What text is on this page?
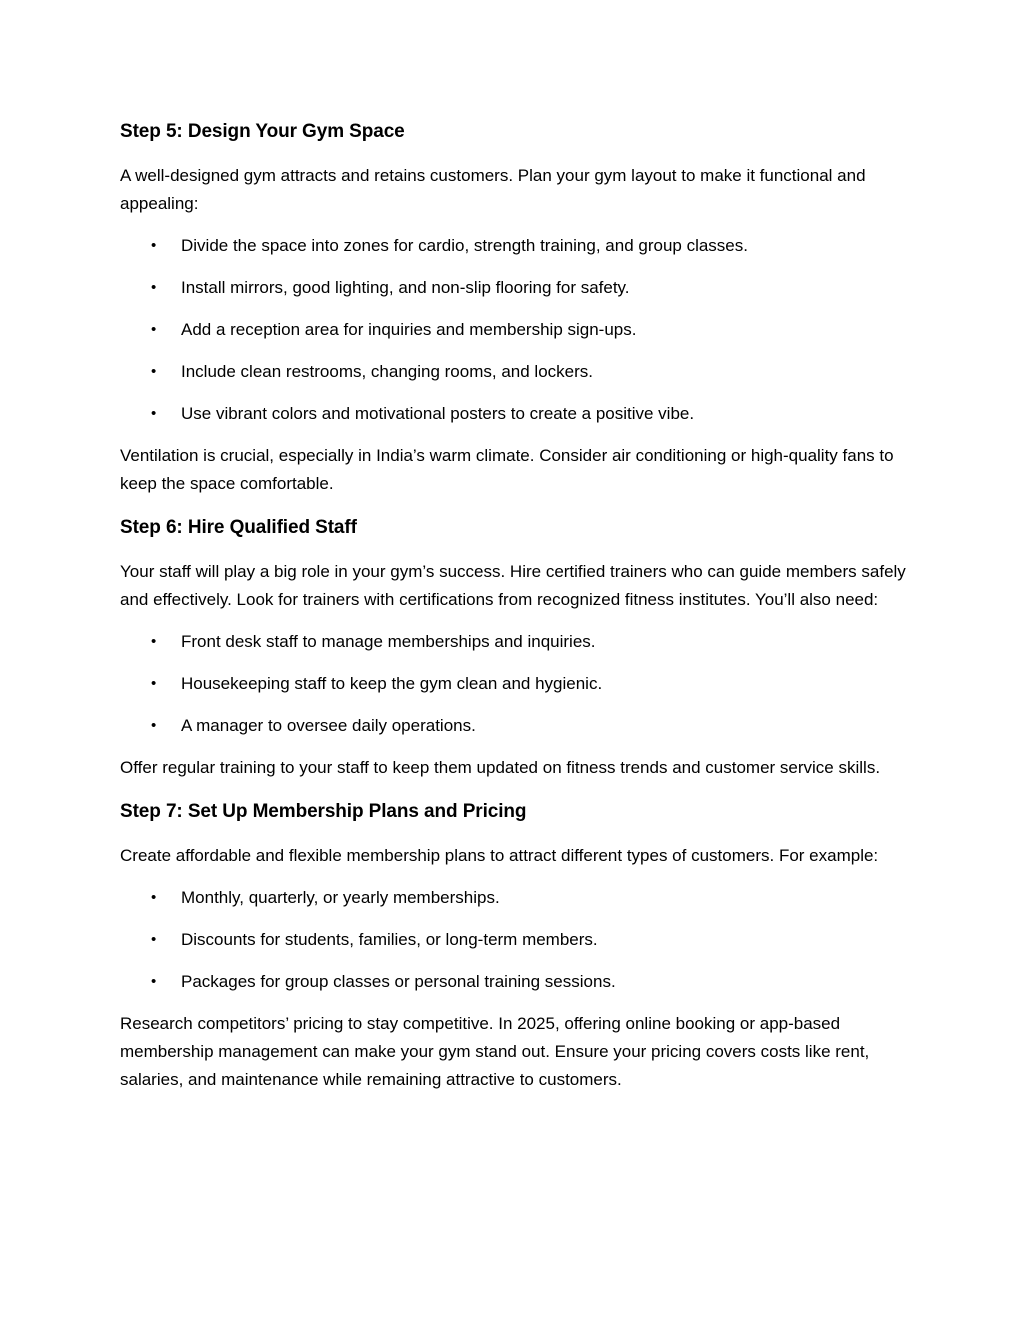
Step 5: Design Your Gym Space

A well-designed gym attracts and retains customers. Plan your gym layout to make it functional and appealing:

• Divide the space into zones for cardio, strength training, and group classes.
• Install mirrors, good lighting, and non-slip flooring for safety.
• Add a reception area for inquiries and membership sign-ups.
• Include clean restrooms, changing rooms, and lockers.
• Use vibrant colors and motivational posters to create a positive vibe.

Ventilation is crucial, especially in India’s warm climate. Consider air conditioning or high-quality fans to keep the space comfortable.

Step 6: Hire Qualified Staff

Your staff will play a big role in your gym’s success. Hire certified trainers who can guide members safely and effectively. Look for trainers with certifications from recognized fitness institutes. You’ll also need:

• Front desk staff to manage memberships and inquiries.
• Housekeeping staff to keep the gym clean and hygienic.
• A manager to oversee daily operations.

Offer regular training to your staff to keep them updated on fitness trends and customer service skills.

Step 7: Set Up Membership Plans and Pricing

Create affordable and flexible membership plans to attract different types of customers. For example:

• Monthly, quarterly, or yearly memberships.
• Discounts for students, families, or long-term members.
• Packages for group classes or personal training sessions.

Research competitors’ pricing to stay competitive. In 2025, offering online booking or app-based membership management can make your gym stand out. Ensure your pricing covers costs like rent, salaries, and maintenance while remaining attractive to customers.
